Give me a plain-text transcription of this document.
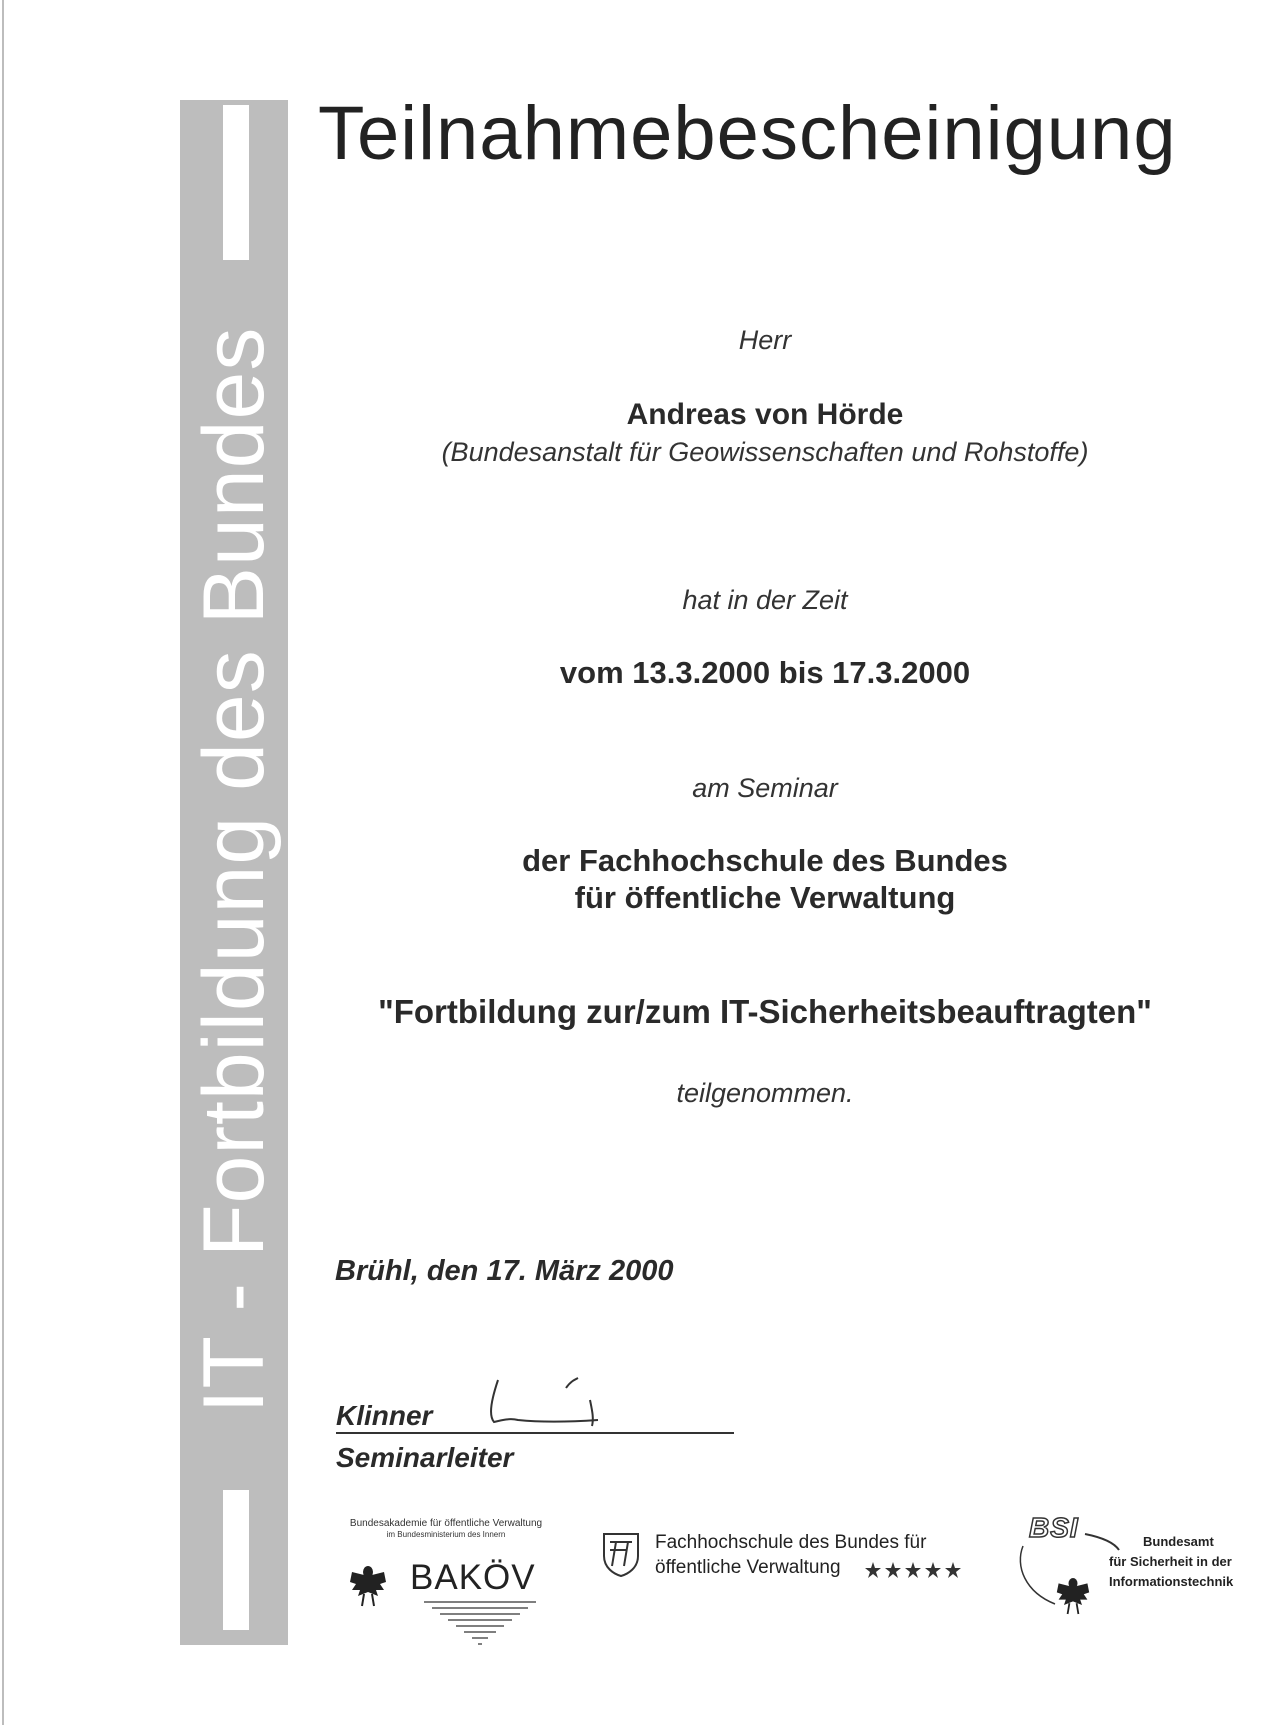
IT - Fortbildung des Bundes
Teilnahmebescheinigung
Herr
Andreas von Hörde
(Bundesanstalt für Geowissenschaften und Rohstoffe)
hat in der Zeit
vom 13.3.2000 bis 17.3.2000
am Seminar
der Fachhochschule des Bundes
für öffentliche Verwaltung
"Fortbildung zur/zum IT-Sicherheitsbeauftragten"
teilgenommen.
Brühl, den 17. März 2000
Klinner
Seminarleiter
Bundesakademie für öffentliche Verwaltung
im Bundesministerium des Innern
BAKÖV
Fachhochschule des Bundes für
öffentliche Verwaltung
BSI	Bundesamt
für Sicherheit in der
Informationstechnik
